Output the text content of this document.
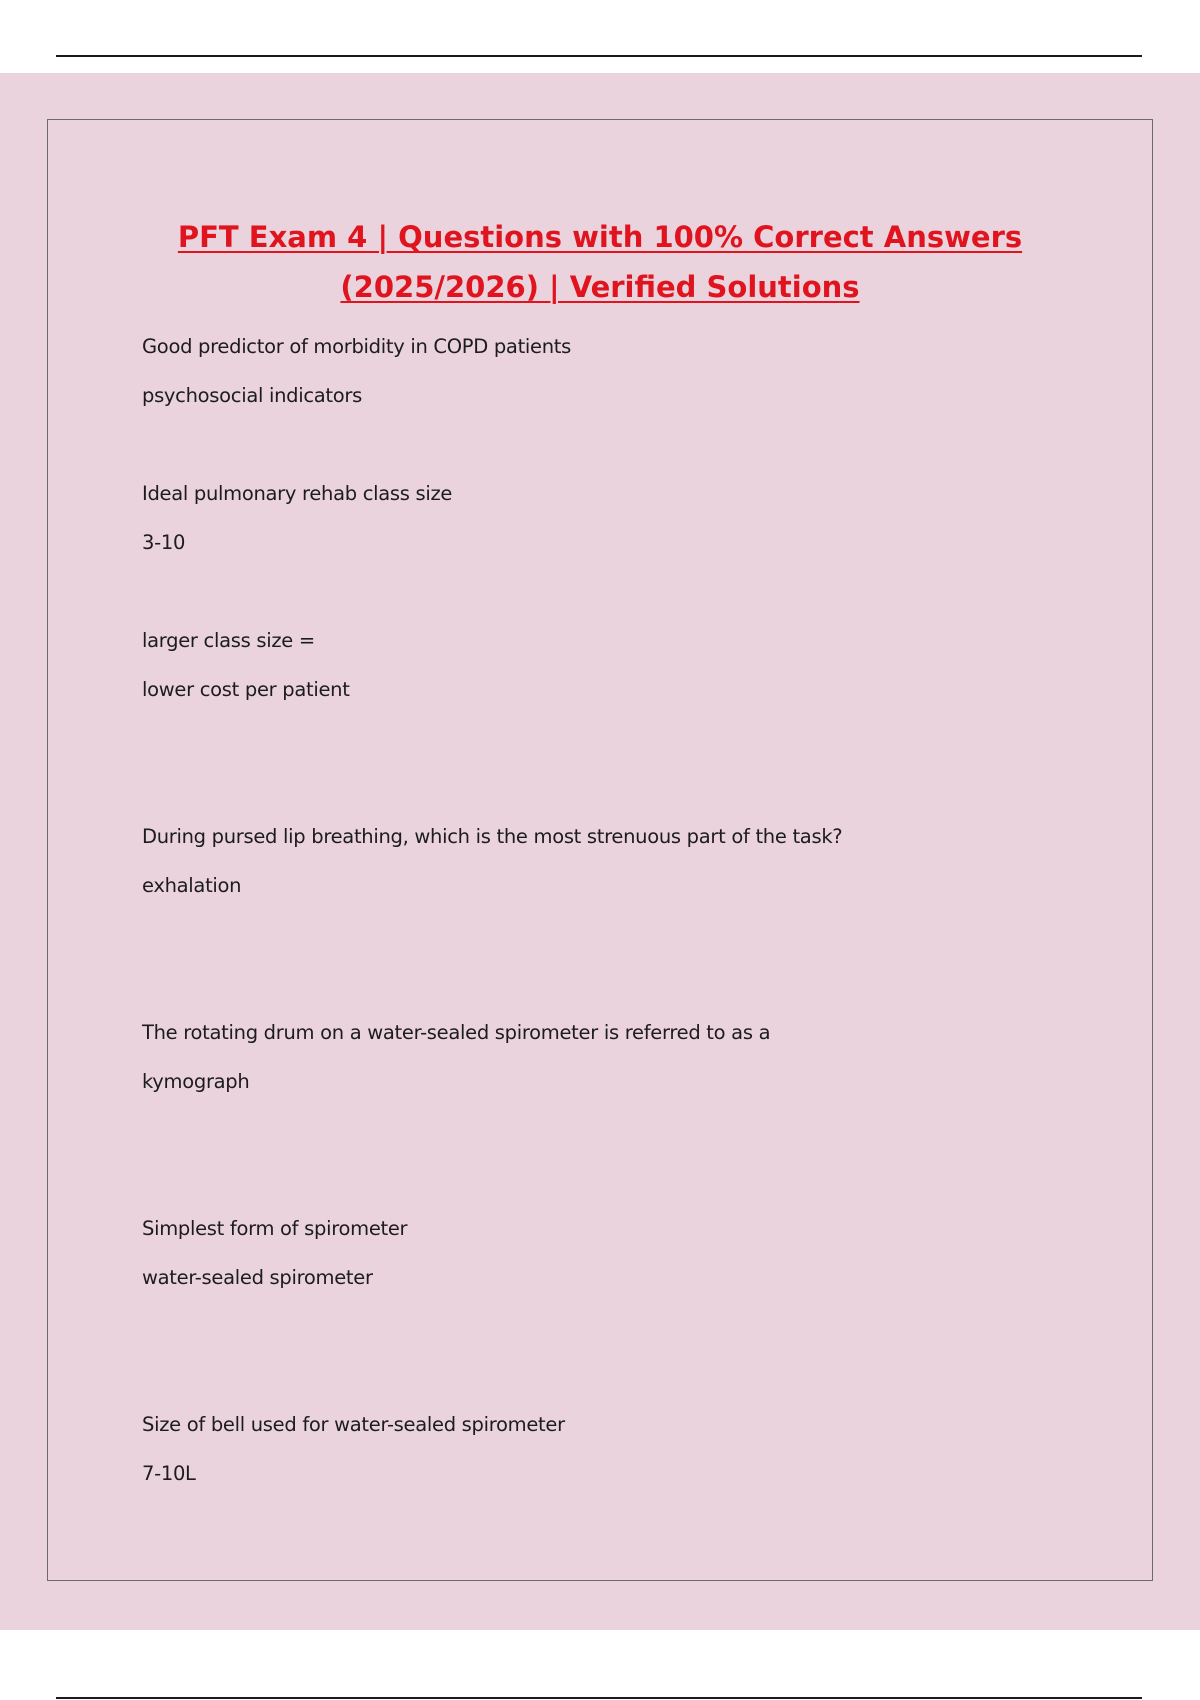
PFT Exam 4 | Questions with 100% Correct Answers
(2025/2026) | Verified Solutions
Good predictor of morbidity in COPD patients
psychosocial indicators
Ideal pulmonary rehab class size
3-10
larger class size =
lower cost per patient
During pursed lip breathing, which is the most strenuous part of the task?
exhalation
The rotating drum on a water-sealed spirometer is referred to as a
kymograph
Simplest form of spirometer
water-sealed spirometer
Size of bell used for water-sealed spirometer
7-10L
